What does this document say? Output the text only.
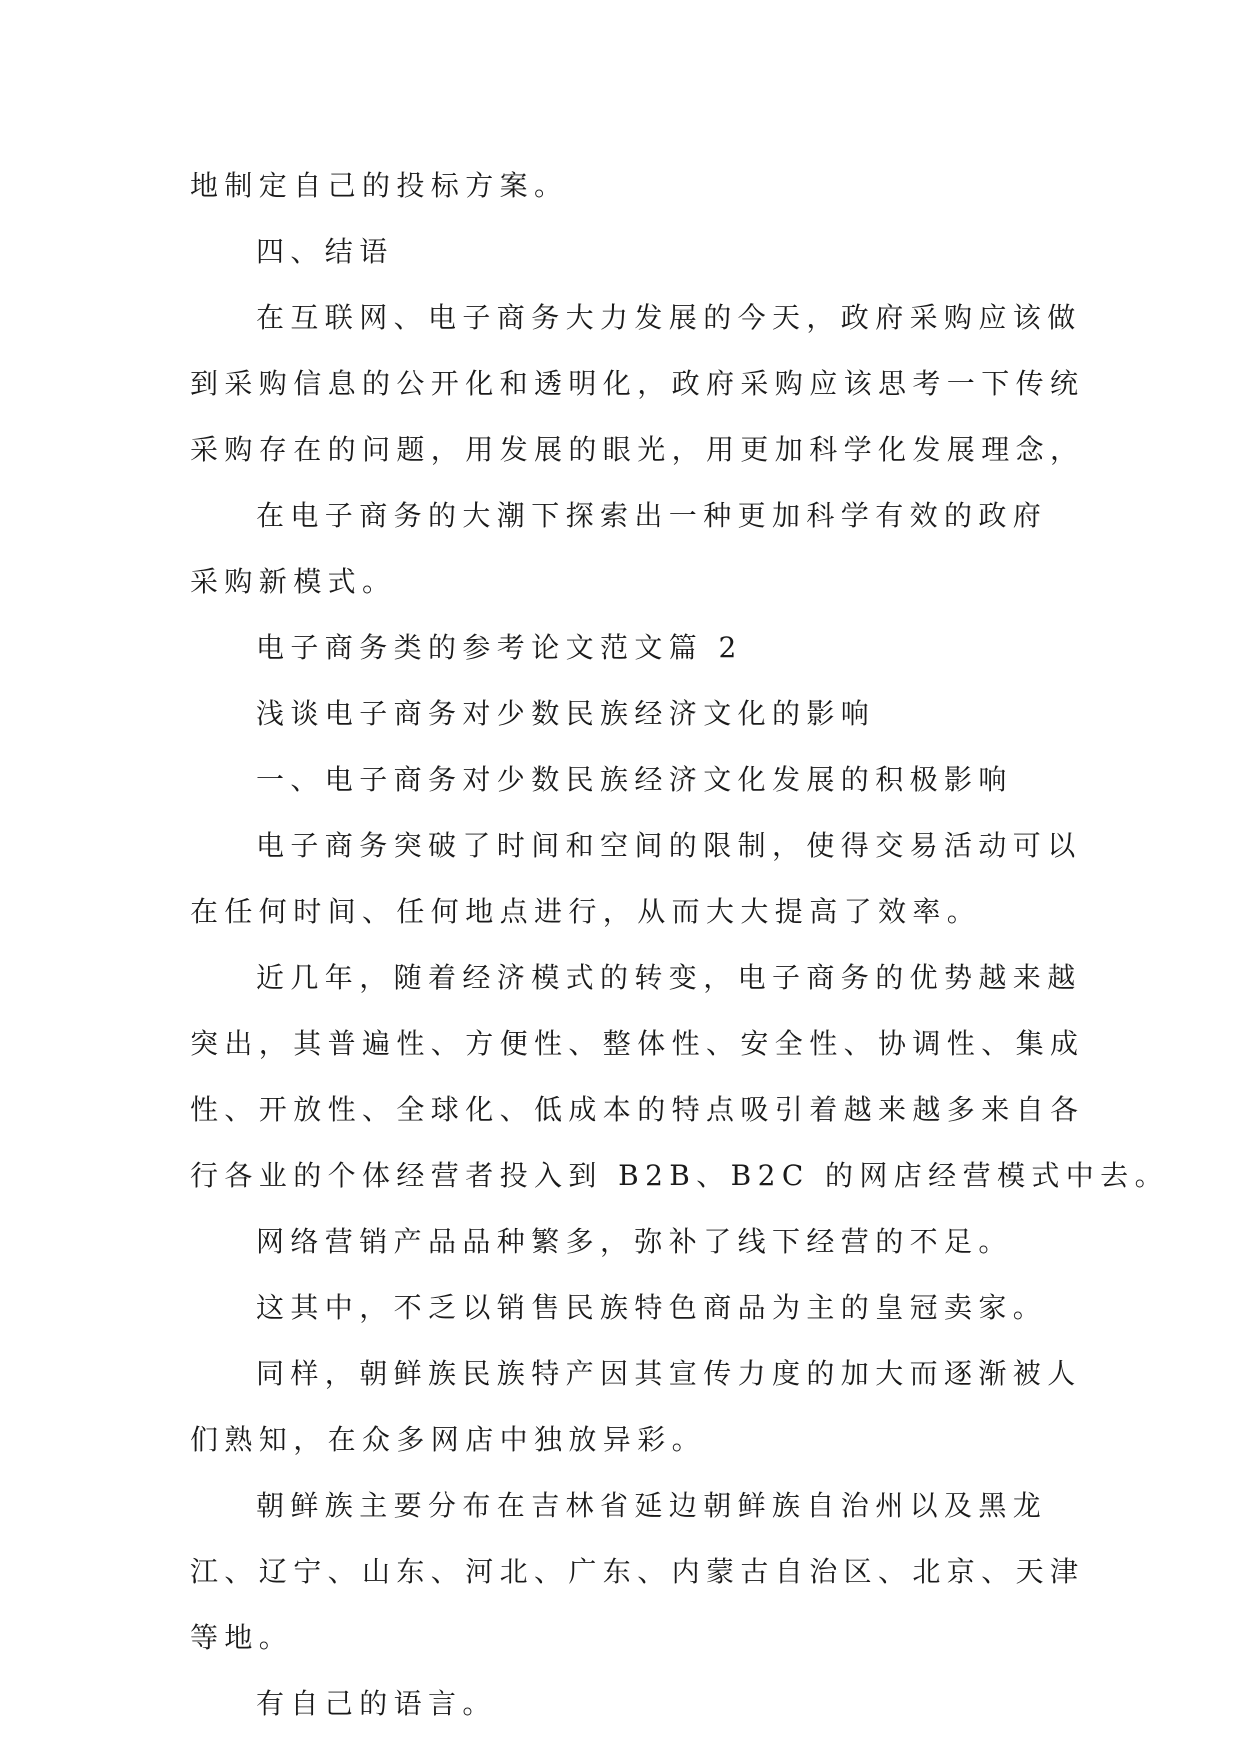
地制定自己的投标方案。
四、结语
在互联网、电子商务大力发展的今天，政府采购应该做
到采购信息的公开化和透明化，政府采购应该思考一下传统
采购存在的问题，用发展的眼光，用更加科学化发展理念，
在电子商务的大潮下探索出一种更加科学有效的政府
采购新模式。
电子商务类的参考论文范文篇 2
浅谈电子商务对少数民族经济文化的影响
一、电子商务对少数民族经济文化发展的积极影响
电子商务突破了时间和空间的限制，使得交易活动可以
在任何时间、任何地点进行，从而大大提高了效率。
近几年，随着经济模式的转变，电子商务的优势越来越
突出，其普遍性、方便性、整体性、安全性、协调性、集成
性、开放性、全球化、低成本的特点吸引着越来越多来自各
行各业的个体经营者投入到 B2B、B2C 的网店经营模式中去。
网络营销产品品种繁多，弥补了线下经营的不足。
这其中，不乏以销售民族特色商品为主的皇冠卖家。
同样，朝鲜族民族特产因其宣传力度的加大而逐渐被人
们熟知，在众多网店中独放异彩。
朝鲜族主要分布在吉林省延边朝鲜族自治州以及黑龙
江、辽宁、山东、河北、广东、内蒙古自治区、北京、天津
等地。
有自己的语言。
